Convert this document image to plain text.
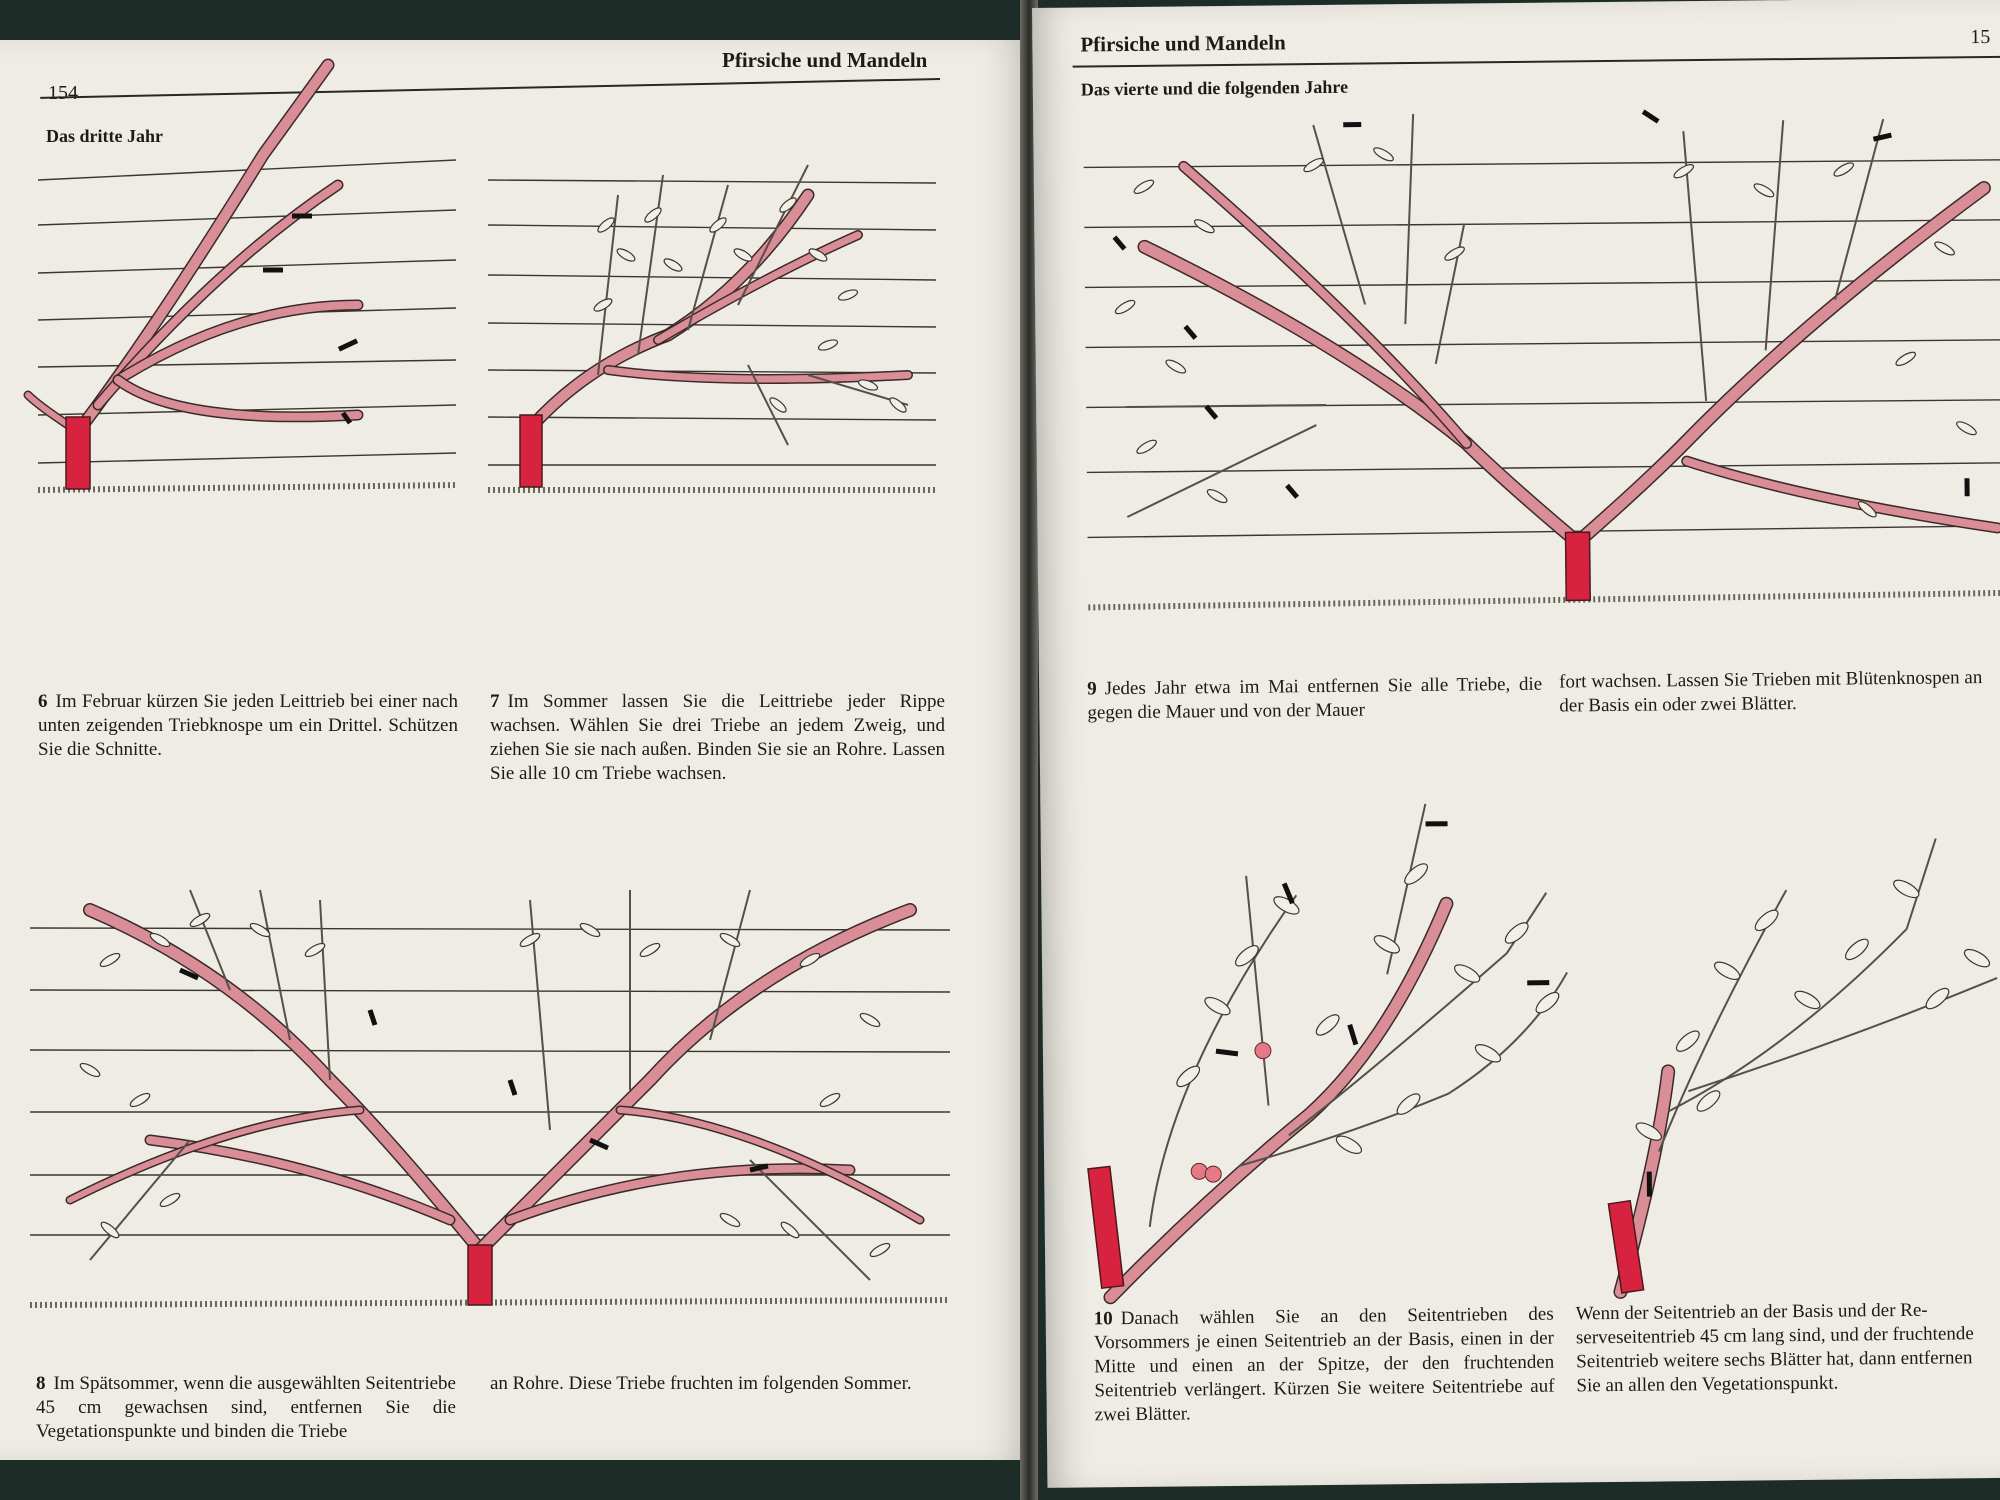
154
Pfirsiche und Mandeln
Das dritte Jahr
6 Im Februar kürzen Sie jeden Leittrieb bei einer nach unten zeigenden Triebknospe um ein Drittel. Schützen Sie die Schnitte.
7 Im Sommer lassen Sie die Leittriebe jeder Rippe wachsen. Wählen Sie drei Triebe an jedem Zweig, und ziehen Sie sie nach außen. Binden Sie sie an Rohre. Lassen Sie alle 10 cm Triebe wachsen.
8 Im Spätsommer, wenn die ausgewählten Seitentriebe 45 cm gewachsen sind, entfernen Sie die Vegetationspunkte und binden die Triebe
an Rohre. Diese Triebe fruchten im folgenden Sommer.
Pfirsiche und Mandeln	15
Das vierte und die folgenden Jahre
9 Jedes Jahr etwa im Mai entfernen Sie alle Triebe, die gegen die Mauer und von der Mauer
fort wachsen. Lassen Sie Trieben mit Blütenknospen an der Basis ein oder zwei Blätter.
10 Danach wählen Sie an den Seitentrieben des Vorsommers je einen Seitentrieb an der Basis, einen in der Mitte und einen an der Spitze, der den fruchtenden Seitentrieb verlängert. Kürzen Sie weitere Seitentriebe auf zwei Blätter.
Wenn der Seitentrieb an der Basis und der Reserveseitentrieb 45 cm lang sind, und der fruchtende Seitentrieb weitere sechs Blätter hat, dann entfernen Sie an allen den Vegetationspunkt.
